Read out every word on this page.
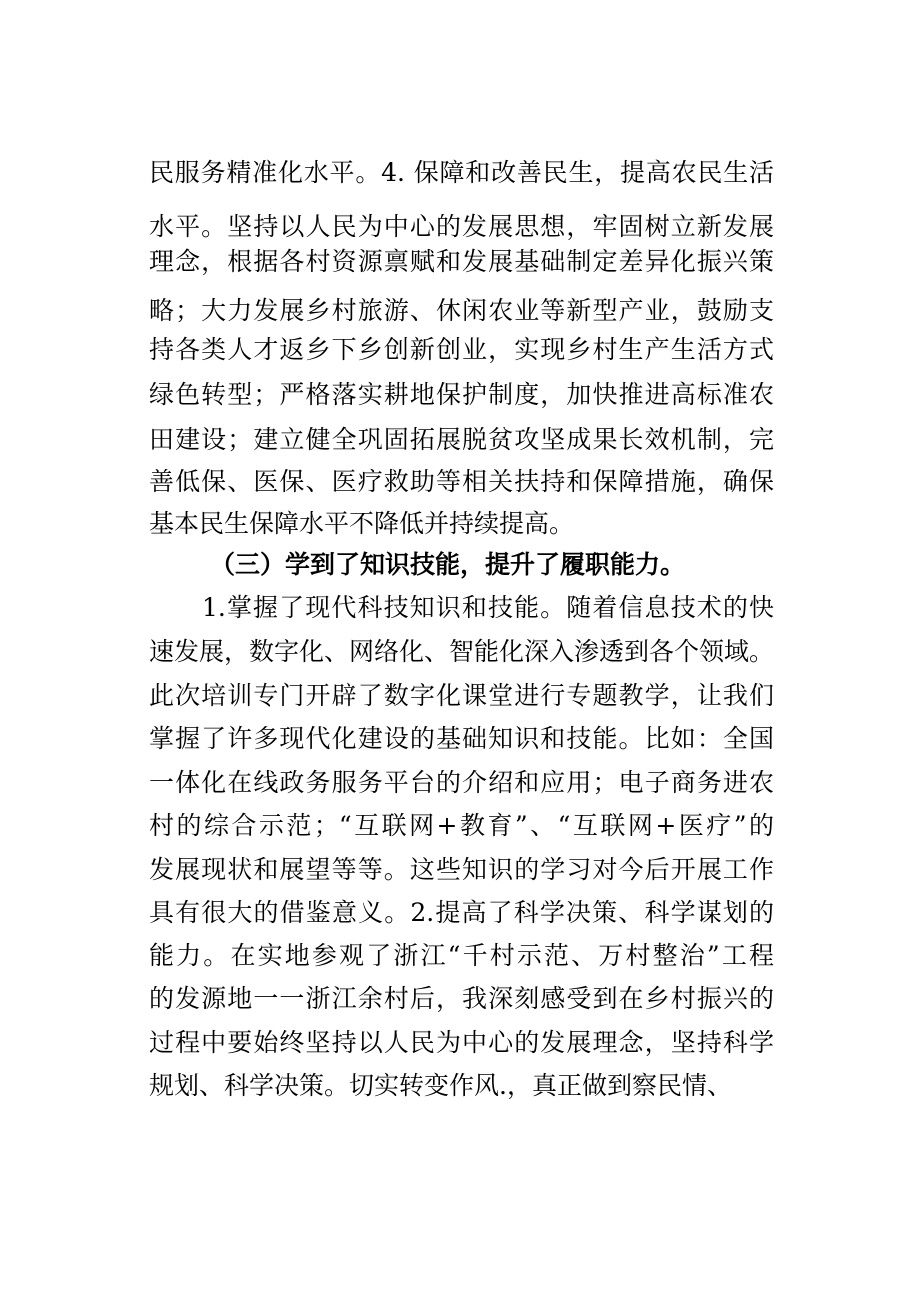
民服务精准化水平。4. 保障和改善民生，提高农民生活
水平。坚持以人民为中心的发展思想，牢固树立新发展
理念，根据各村资源禀赋和发展基础制定差异化振兴策
略；大力发展乡村旅游、休闲农业等新型产业，鼓励支
持各类人才返乡下乡创新创业，实现乡村生产生活方式
绿色转型；严格落实耕地保护制度，加快推进高标准农
田建设；建立健全巩固拓展脱贫攻坚成果长效机制，完
善低保、医保、医疗救助等相关扶持和保障措施，确保
基本民生保障水平不降低并持续提高。
（三）学到了知识技能，提升了履职能力。
1.掌握了现代科技知识和技能。随着信息技术的快
速发展，数字化、网络化、智能化深入渗透到各个领域。
此次培训专门开辟了数字化课堂进行专题教学，让我们
掌握了许多现代化建设的基础知识和技能。比如：全国
一体化在线政务服务平台的介绍和应用；电子商务进农
村的综合示范；“互联网+教育”、“互联网+医疗”的
发展现状和展望等等。这些知识的学习对今后开展工作
具有很大的借鉴意义。2.提高了科学决策、科学谋划的
能力。在实地参观了浙江“千村示范、万村整治”工程
的发源地一一浙江余村后，我深刻感受到在乡村振兴的
过程中要始终坚持以人民为中心的发展理念，坚持科学
规划、科学决策。切实转变作风.，真正做到察民情、
